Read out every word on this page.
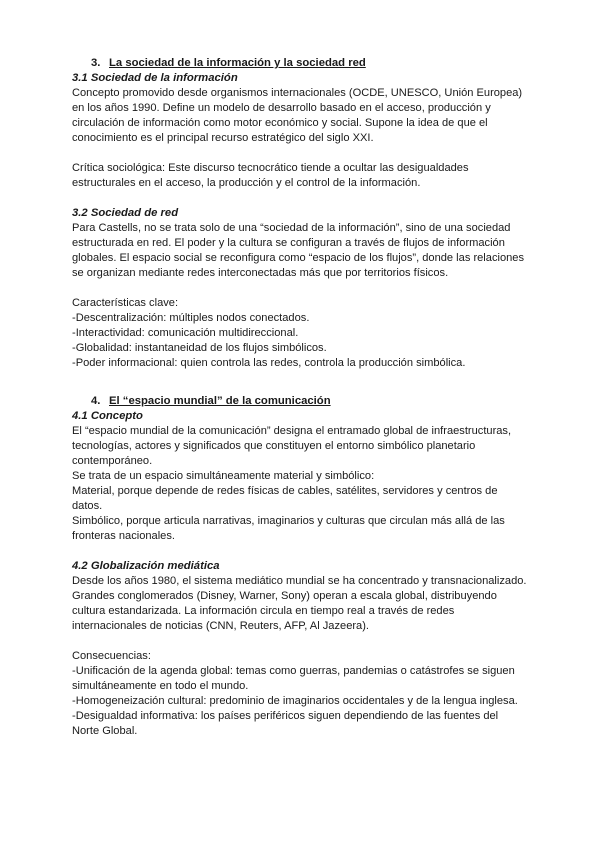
3. La sociedad de la información y la sociedad red

3.1 Sociedad de la información

Concepto promovido desde organismos internacionales (OCDE, UNESCO, Unión Europea)

en los años 1990. Define un modelo de desarrollo basado en el acceso, producción y

circulación de información como motor económico y social. Supone la idea de que el

conocimiento es el principal recurso estratégico del siglo XXI.

Crítica sociológica: Este discurso tecnocrático tiende a ocultar las desigualdades

estructurales en el acceso, la producción y el control de la información.

3.2 Sociedad de red

Para Castells, no se trata solo de una “sociedad de la información”, sino de una sociedad

estructurada en red. El poder y la cultura se configuran a través de flujos de información

globales. El espacio social se reconfigura como “espacio de los flujos”, donde las relaciones

se organizan mediante redes interconectadas más que por territorios físicos.

Características clave:

-Descentralización: múltiples nodos conectados.

-Interactividad: comunicación multidireccional.

-Globalidad: instantaneidad de los flujos simbólicos.

-Poder informacional: quien controla las redes, controla la producción simbólica.

4. El “espacio mundial” de la comunicación

4.1 Concepto

El “espacio mundial de la comunicación” designa el entramado global de infraestructuras,

tecnologías, actores y significados que constituyen el entorno simbólico planetario

contemporáneo.

Se trata de un espacio simultáneamente material y simbólico:

Material, porque depende de redes físicas de cables, satélites, servidores y centros de

datos.

Simbólico, porque articula narrativas, imaginarios y culturas que circulan más allá de las

fronteras nacionales.

4.2 Globalización mediática

Desde los años 1980, el sistema mediático mundial se ha concentrado y transnacionalizado.

Grandes conglomerados (Disney, Warner, Sony) operan a escala global, distribuyendo

cultura estandarizada. La información circula en tiempo real a través de redes

internacionales de noticias (CNN, Reuters, AFP, Al Jazeera).

Consecuencias:

-Unificación de la agenda global: temas como guerras, pandemias o catástrofes se siguen

simultáneamente en todo el mundo.

-Homogeneización cultural: predominio de imaginarios occidentales y de la lengua inglesa.

-Desigualdad informativa: los países periféricos siguen dependiendo de las fuentes del

Norte Global.
